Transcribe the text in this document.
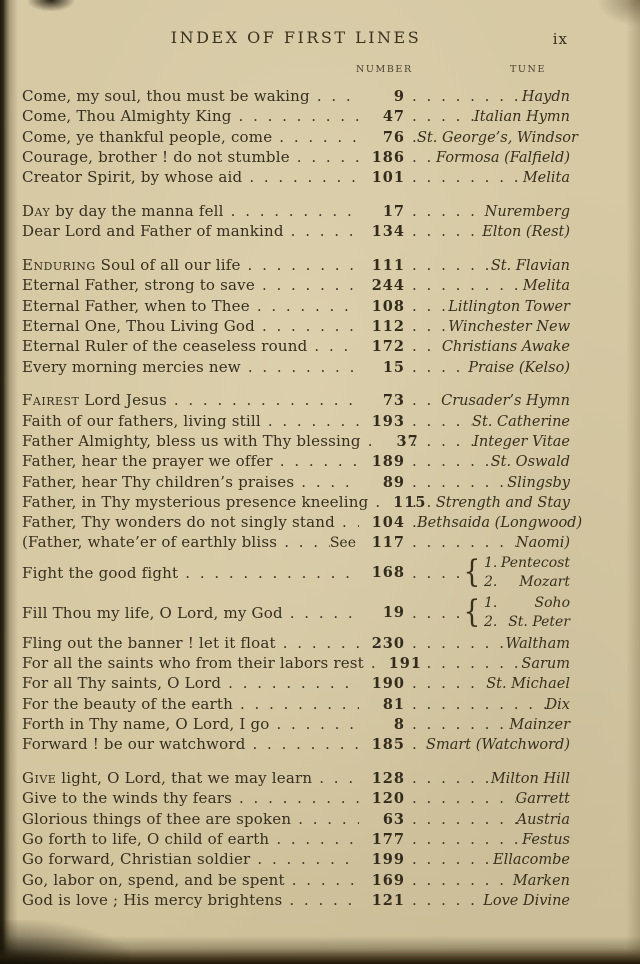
INDEX OF FIRST LINES	ix
NUMBER	TUNE
Come, my soul, thou must be waking . . .	9 . . .	Haydn
Come, Thou Almighty King . . .	47 . . .	Italian Hymn
Come, ye thankful people, come . . .	76 . . . St. George’s, Windsor
Courage, brother ! do not stumble . . .	186 . . . Formosa (Falfield)
Creator Spirit, by whose aid . . .	101 . . .	Melita
Day by day the manna fell . . .	17 . . .	Nuremberg
Dear Lord and Father of mankind . . .	134 . . .	Elton (Rest)
Enduring Soul of all our life . . .	111 . . .	St. Flavian
Eternal Father, strong to save . . .	244 . . .	Melita
Eternal Father, when to Thee . . .	108 . . .	Litlington Tower
Eternal One, Thou Living God . . .	112 . . .	Winchester New
Eternal Ruler of the ceaseless round . . .	172 . . .	Christians Awake
Every morning mercies new . . .	15 . . .	Praise (Kelso)
Fairest Lord Jesus . . .	73 . . . Crusader’s Hymn
Faith of our fathers, living still . . .	193 . . .	St. Catherine
Father Almighty, bless us with Thy blessing . . .	37 . . .	Integer Vitae
Father, hear the prayer we offer . . .	189 . . .	St. Oswald
Father, hear Thy children’s praises . . .	89 . . .	Slingsby
Father, in Thy mysterious presence kneeling . . .	115 . . . Strength and Stay
Father, Thy wonders do not singly stand . . .	104 . . . Bethsaida (Longwood)
(Father, whate’er of earthly bliss . . .	See	117 . . .	Naomi)
Fight the good fight . . .	168 . . . { 1. Pentecost
2. Mozart
Fill Thou my life, O Lord, my God . . .	19 . . . { 1.	Soho
2. St. Peter
Fling out the banner ! let it float . . .	230 . . .	Waltham
For all the saints who from their labors rest . . .	191 . . .	Sarum
For all Thy saints, O Lord . . .	190 . . .	St. Michael
For the beauty of the earth . . .	81 . . .	Dix
Forth in Thy name, O Lord, I go . . .	8 . . .	Mainzer
Forward ! be our watchword . . .	185 . . . Smart (Watchword)
Give light, O Lord, that we may learn . . .	128 . . .	Milton Hill
Give to the winds thy fears . . .	120 . . .	Garrett
Glorious things of thee are spoken . . .	63 . . .	Austria
Go forth to life, O child of earth . . .	177 . . .	Festus
Go forward, Christian soldier . . .	199 . . .	Ellacombe
Go, labor on, spend, and be spent . . .	169 . . .	Marken
God is love ; His mercy brightens . . .	121 . . .	Love Divine
